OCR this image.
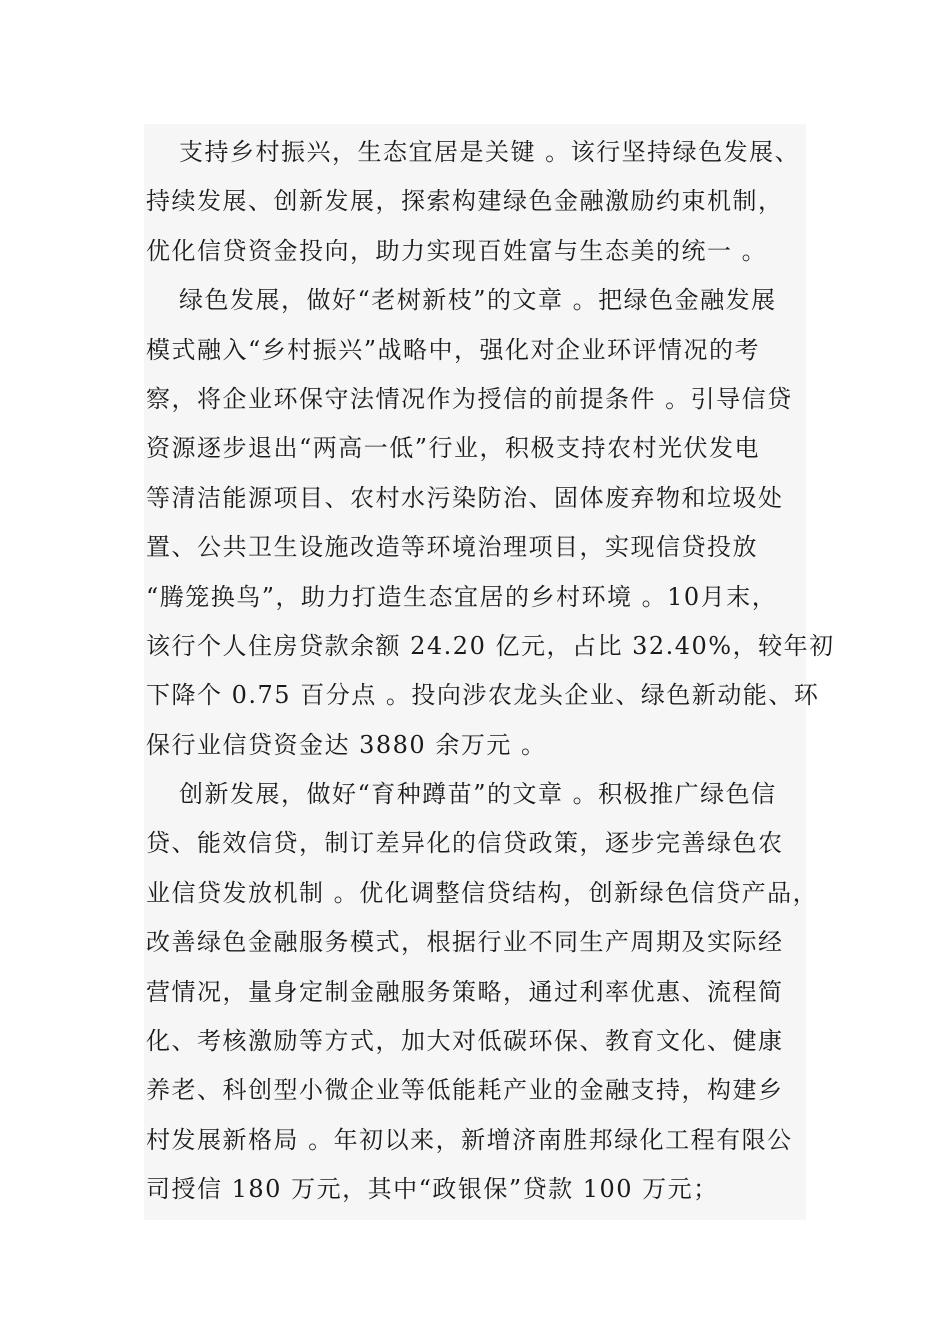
支持乡村振兴，生态宜居是关键 。该行坚持绿色发展、
持续发展、创新发展，探索构建绿色金融激励约束机制，
优化信贷资金投向，助力实现百姓富与生态美的统一 。
绿色发展，做好“老树新枝”的文章 。把绿色金融发展
模式融入“乡村振兴”战略中，强化对企业环评情况的考
察，将企业环保守法情况作为授信的前提条件 。引导信贷
资源逐步退出“两高一低”行业，积极支持农村光伏发电
等清洁能源项目、农村水污染防治、固体废弃物和垃圾处
置、公共卫生设施改造等环境治理项目，实现信贷投放
“腾笼换鸟”，助力打造生态宜居的乡村环境 。10月末，
该行个人住房贷款余额 24.20 亿元，占比 32.40%，较年初
下降个 0.75 百分点 。投向涉农龙头企业、绿色新动能、环
保行业信贷资金达 3880 余万元 。
创新发展，做好“育种蹲苗”的文章 。积极推广绿色信
贷、能效信贷，制订差异化的信贷政策，逐步完善绿色农
业信贷发放机制 。优化调整信贷结构，创新绿色信贷产品，
改善绿色金融服务模式，根据行业不同生产周期及实际经
营情况，量身定制金融服务策略，通过利率优惠、流程简
化、考核激励等方式，加大对低碳环保、教育文化、健康
养老、科创型小微企业等低能耗产业的金融支持，构建乡
村发展新格局 。年初以来，新增济南胜邦绿化工程有限公
司授信 180 万元，其中“政银保”贷款 100 万元；
